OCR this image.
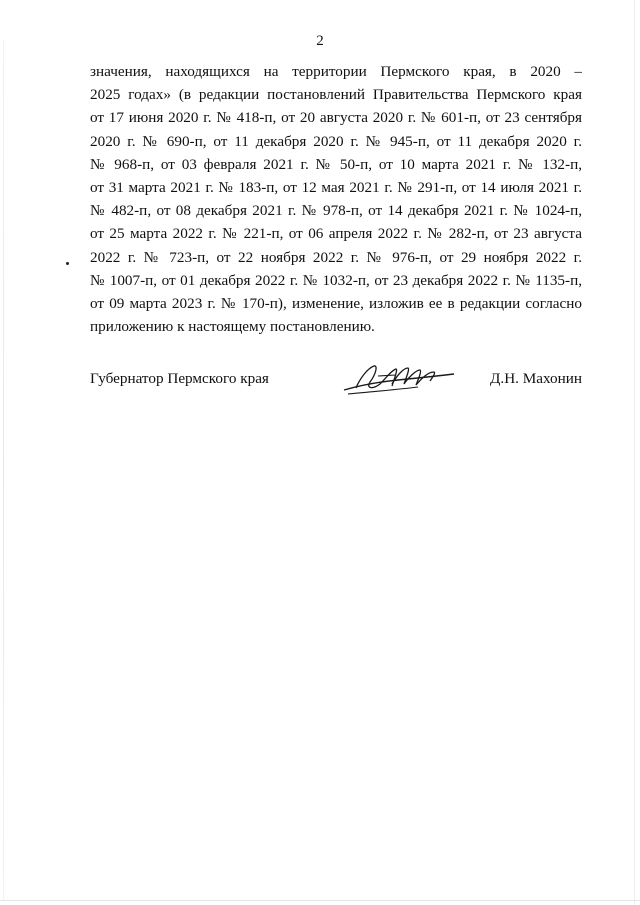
2
значения, находящихся на территории Пермского края, в 2020 –
2025 годах» (в редакции постановлений Правительства Пермского края
от 17 июня 2020 г. № 418-п, от 20 августа 2020 г. № 601-п, от 23 сентября
2020 г. № 690-п, от 11 декабря 2020 г. № 945-п, от 11 декабря 2020 г.
№ 968-п, от 03 февраля 2021 г. № 50-п, от 10 марта 2021 г. № 132-п,
от 31 марта 2021 г. № 183-п, от 12 мая 2021 г. № 291-п, от 14 июля 2021 г.
№ 482-п, от 08 декабря 2021 г. № 978-п, от 14 декабря 2021 г. № 1024-п,
от 25 марта 2022 г. № 221-п, от 06 апреля 2022 г. № 282-п, от 23 августа
2022 г. № 723-п, от 22 ноября 2022 г. № 976-п, от 29 ноября 2022 г.
№ 1007-п, от 01 декабря 2022 г. № 1032-п, от 23 декабря 2022 г. № 1135-п,
от 09 марта 2023 г. № 170-п), изменение, изложив ее в редакции согласно
приложению к настоящему постановлению.
Губернатор Пермского края	Д.Н. Махонин
